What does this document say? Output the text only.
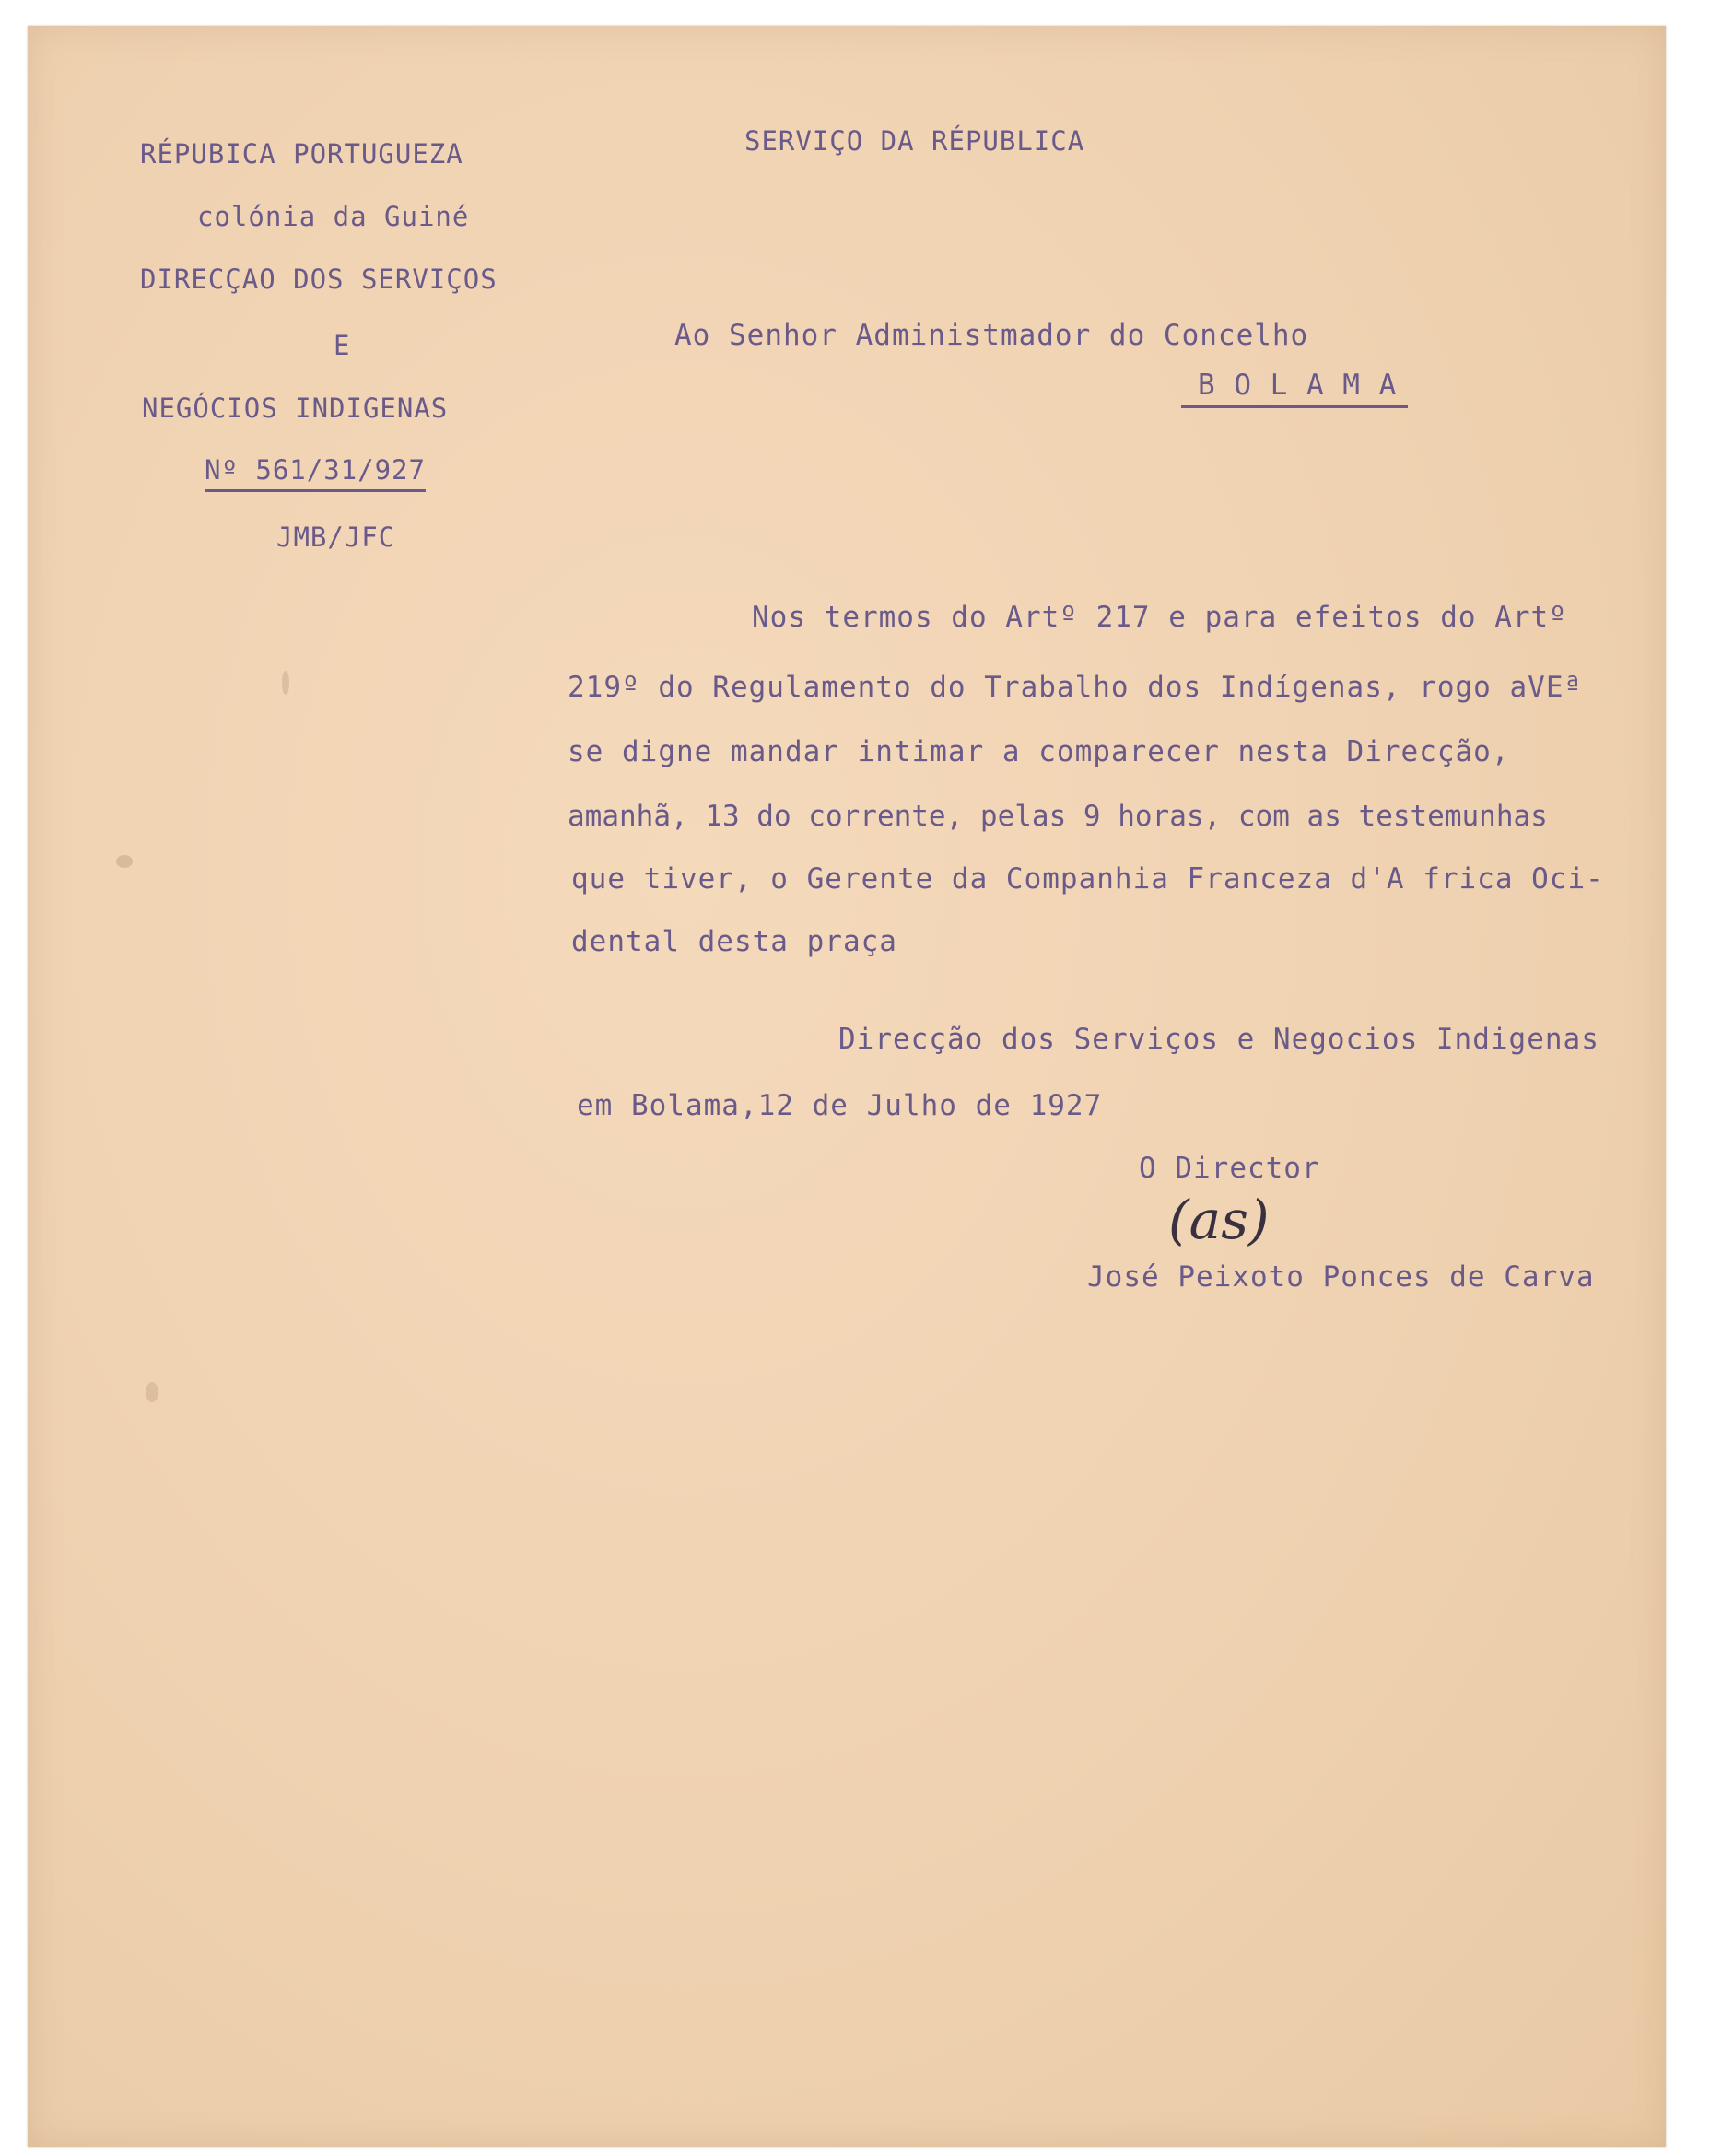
RÉPUBICA PORTUGUEZA
colónia da Guiné
DIRECÇAO DOS SERVIÇOS
E
NEGÓCIOS INDIGENAS
Nº 561/31/927
JMB/JFC
SERVIÇO DA RÉPUBLICA
Ao Senhor Administmador do Concelho
B O L A M A
Nos termos do Artº 217 e para efeitos do Artº
219º do Regulamento do Trabalho dos Indígenas, rogo aVEª
se digne mandar intimar a comparecer nesta Direcção,
amanhã, 13 do corrente, pelas 9 horas, com as testemunhas
que tiver, o Gerente da Companhia Franceza d'A frica Oci-
dental desta praça
Direcção dos Serviços e Negocios Indigenas
em Bolama,12 de Julho de 1927
O Director
(as)
José Peixoto Ponces de Carva
